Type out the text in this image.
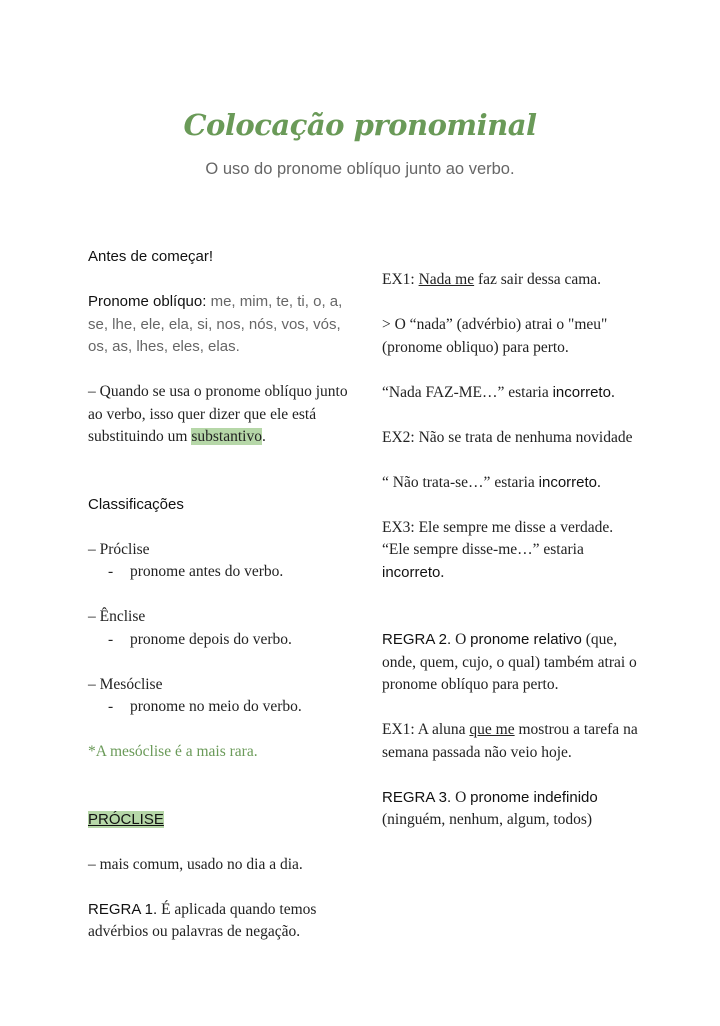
Colocação pronominal
O uso do pronome oblíquo junto ao verbo.

Antes de começar!

Pronome oblíquo: me, mim, te, ti, o, a, se, lhe, ele, ela, si, nos, nós, vos, vós, os, as, lhes, eles, elas.

– Quando se usa o pronome oblíquo junto ao verbo, isso quer dizer que ele está substituindo um substantivo.

Classificações

– Próclise

-	pronome antes do verbo.

– Ênclise

-	pronome depois do verbo.

– Mesóclise

-	pronome no meio do verbo.

*A mesóclise é a mais rara.

PRÓCLISE

– mais comum, usado no dia a dia.

REGRA 1. É aplicada quando temos advérbios ou palavras de negação.

EX1: Nada me faz sair dessa cama.

> O “nada” (advérbio) atrai o "meu" (pronome obliquo) para perto.

“Nada FAZ-ME…” estaria incorreto.

EX2: Não se trata de nenhuma novidade

“ Não trata-se…” estaria incorreto.

EX3: Ele sempre me disse a verdade.

“Ele sempre disse-me…” estaria incorreto.

REGRA 2. O pronome relativo (que, onde, quem, cujo, o qual) também atrai o pronome oblíquo para perto.

EX1: A aluna que me mostrou a tarefa na semana passada não veio hoje.

REGRA 3. O pronome indefinido (ninguém, nenhum, algum, todos)
